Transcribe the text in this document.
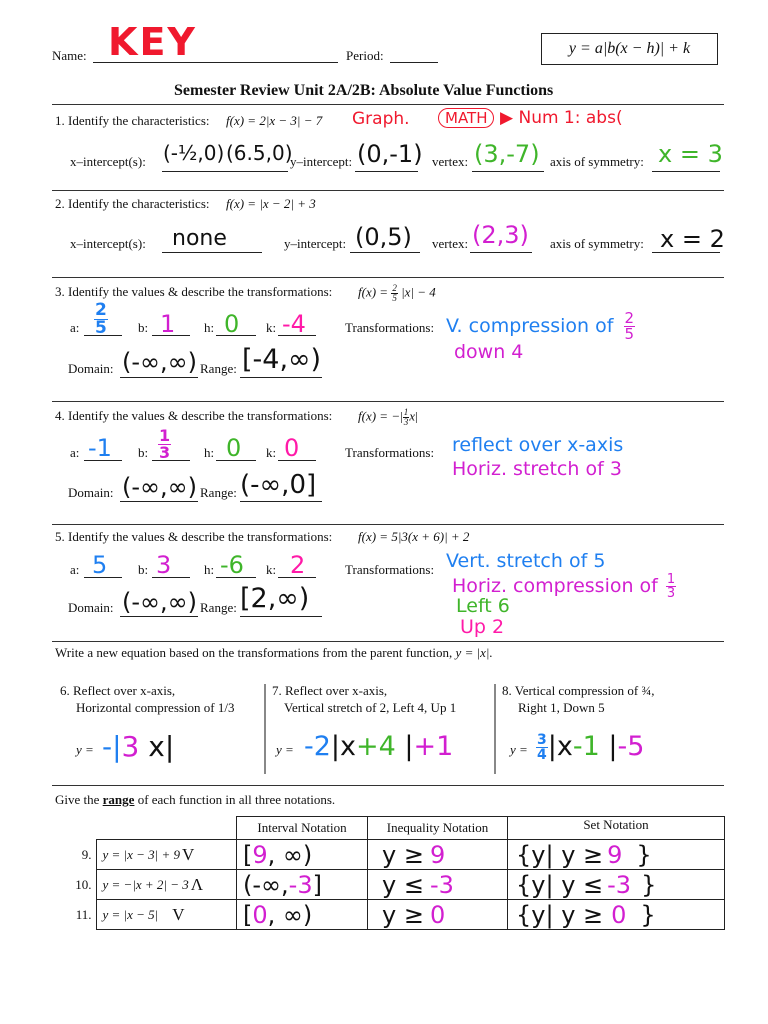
Name: KEY	Period:	y = a|b(x − h)| + k
Semester Review Unit 2A/2B: Absolute Value Functions
1. Identify the characteristics: f(x) = 2|x − 3| − 7 Graph.	MATH ▶ Num 1: abs(
x–intercept(s): (-½,0) (6.5,0)
y–intercept: (0,-1) vertex: (3,-7) axis of symmetry: x = 3
2. Identify the characteristics: f(x) = |x − 2| + 3
x–intercept(s): none	y–intercept: (0,5) vertex: (2,3) axis of symmetry: x = 2
3. Identify the values & describe the transformations: $f(x) = \frac{2}{5} |x| - 4$
a: $\frac{2}{5} b$: 1 h: 0 k: -4	Transformations: V. compression of $\frac{2}{5}$
down 4
Domain: (-∞,∞) Range: [-4,∞)
4. Identify the values & describe the transformations: f(x) = −| $\frac{1}{3} x|$
a: -1 b: $\frac{1}{3}$	h: 0 k: 0	Transformations: reflect over x-axis
Horiz. stretch of 3
Domain: (-∞,∞) Range: (-∞,0]
5. Identify the values & describe the transformations: f(x) = 5|3(x + 6)| + 2
a: 5 b: 3	h: -6 k: 2	Transformations: Vert. stretch of 5
Horiz. compression of $\frac{1}{3}$
Left 6
Up 2
Domain: (-∞,∞) Range: [2,∞)
Write a new equation based on the transformations from the parent function, y = |x|.
6. Reflect over x-axis,
Horizontal compression of 1/3
y = -|3 x|
7. Reflect over x-axis,
Vertical stretch of 2, Left 4, Up 1
y = -2|x+4 |+1
8. Vertical compression of ¾,
Right 1, Down 5
$y = \frac{3}{4} |x-1$ |-5
Give the range of each function in all three notations.
		Interval Notation	Inequality Notation	Set Notation
9.	y = |x − 3| + 9 V	[ 9 , ∞)	y ≥ 9	{y| y ≥ 9 }

10.	y = −|x + 2| − 3 Λ	(-∞, -3 ]	y ≤ -3	{y| y ≤ -3 }

11.	y = |x − 5| V	[ 0 , ∞)	y ≥ 0	{y| y ≥ 0 }
